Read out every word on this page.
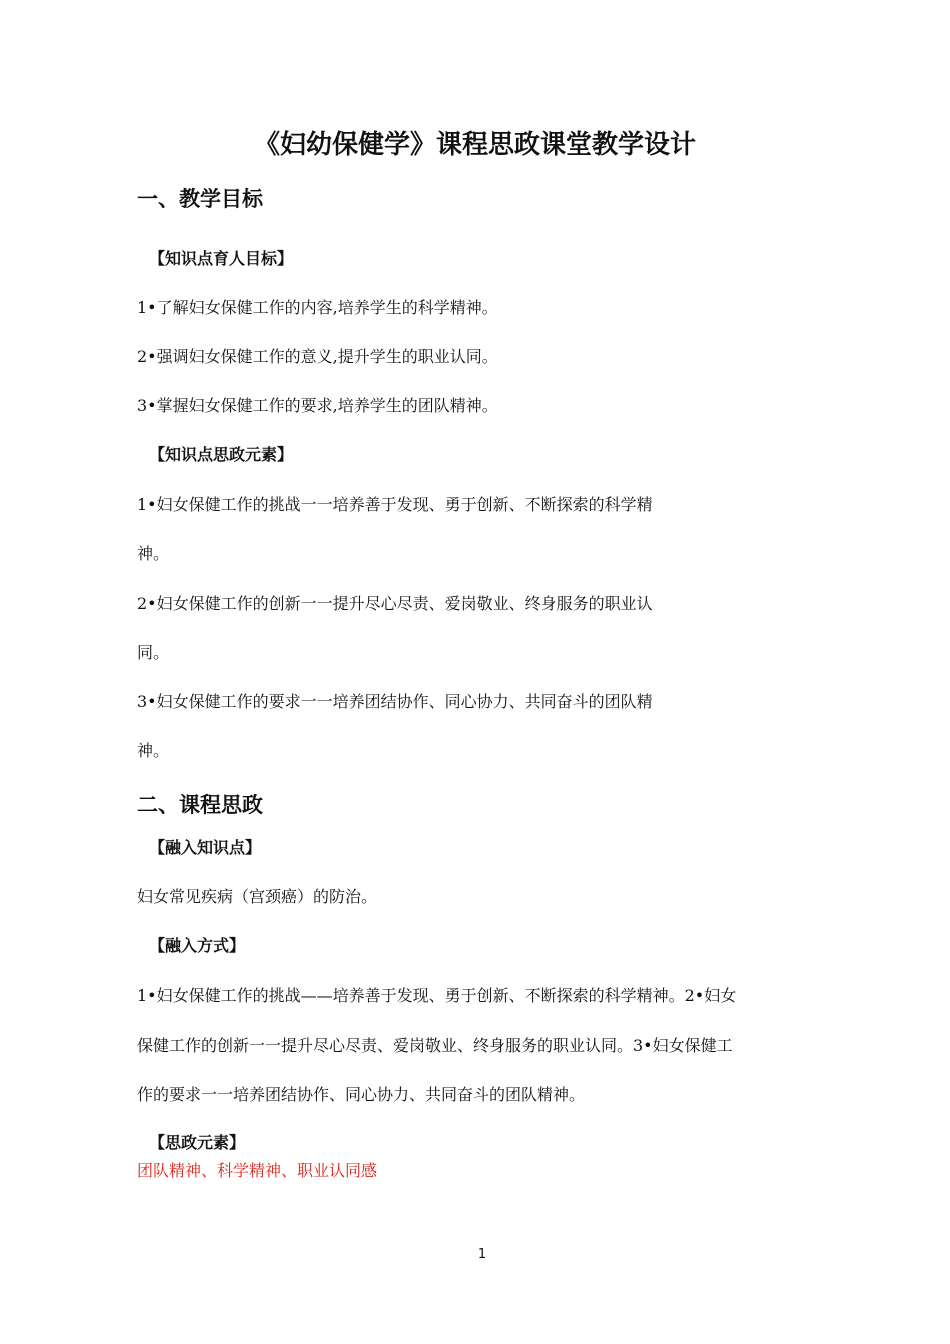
《妇幼保健学》课程思政课堂教学设计
一、教学目标
【知识点育人目标】
1•了解妇女保健工作的内容,培养学生的科学精神。
2•强调妇女保健工作的意义,提升学生的职业认同。
3•掌握妇女保健工作的要求,培养学生的团队精神。
【知识点思政元素】
1•妇女保健工作的挑战一一培养善于发现、勇于创新、不断探索的科学精
神。
2•妇女保健工作的创新一一提升尽心尽责、爱岗敬业、终身服务的职业认
同。
3•妇女保健工作的要求一一培养团结协作、同心协力、共同奋斗的团队精
神。
二、课程思政
【融入知识点】
妇女常见疾病（宫颈癌）的防治。
【融入方式】
1•妇女保健工作的挑战——培养善于发现、勇于创新、不断探索的科学精神。2•妇女
保健工作的创新一一提升尽心尽责、爱岗敬业、终身服务的职业认同。3•妇女保健工
作的要求一一培养团结协作、同心协力、共同奋斗的团队精神。
【思政元素】
团队精神、科学精神、职业认同感
1
